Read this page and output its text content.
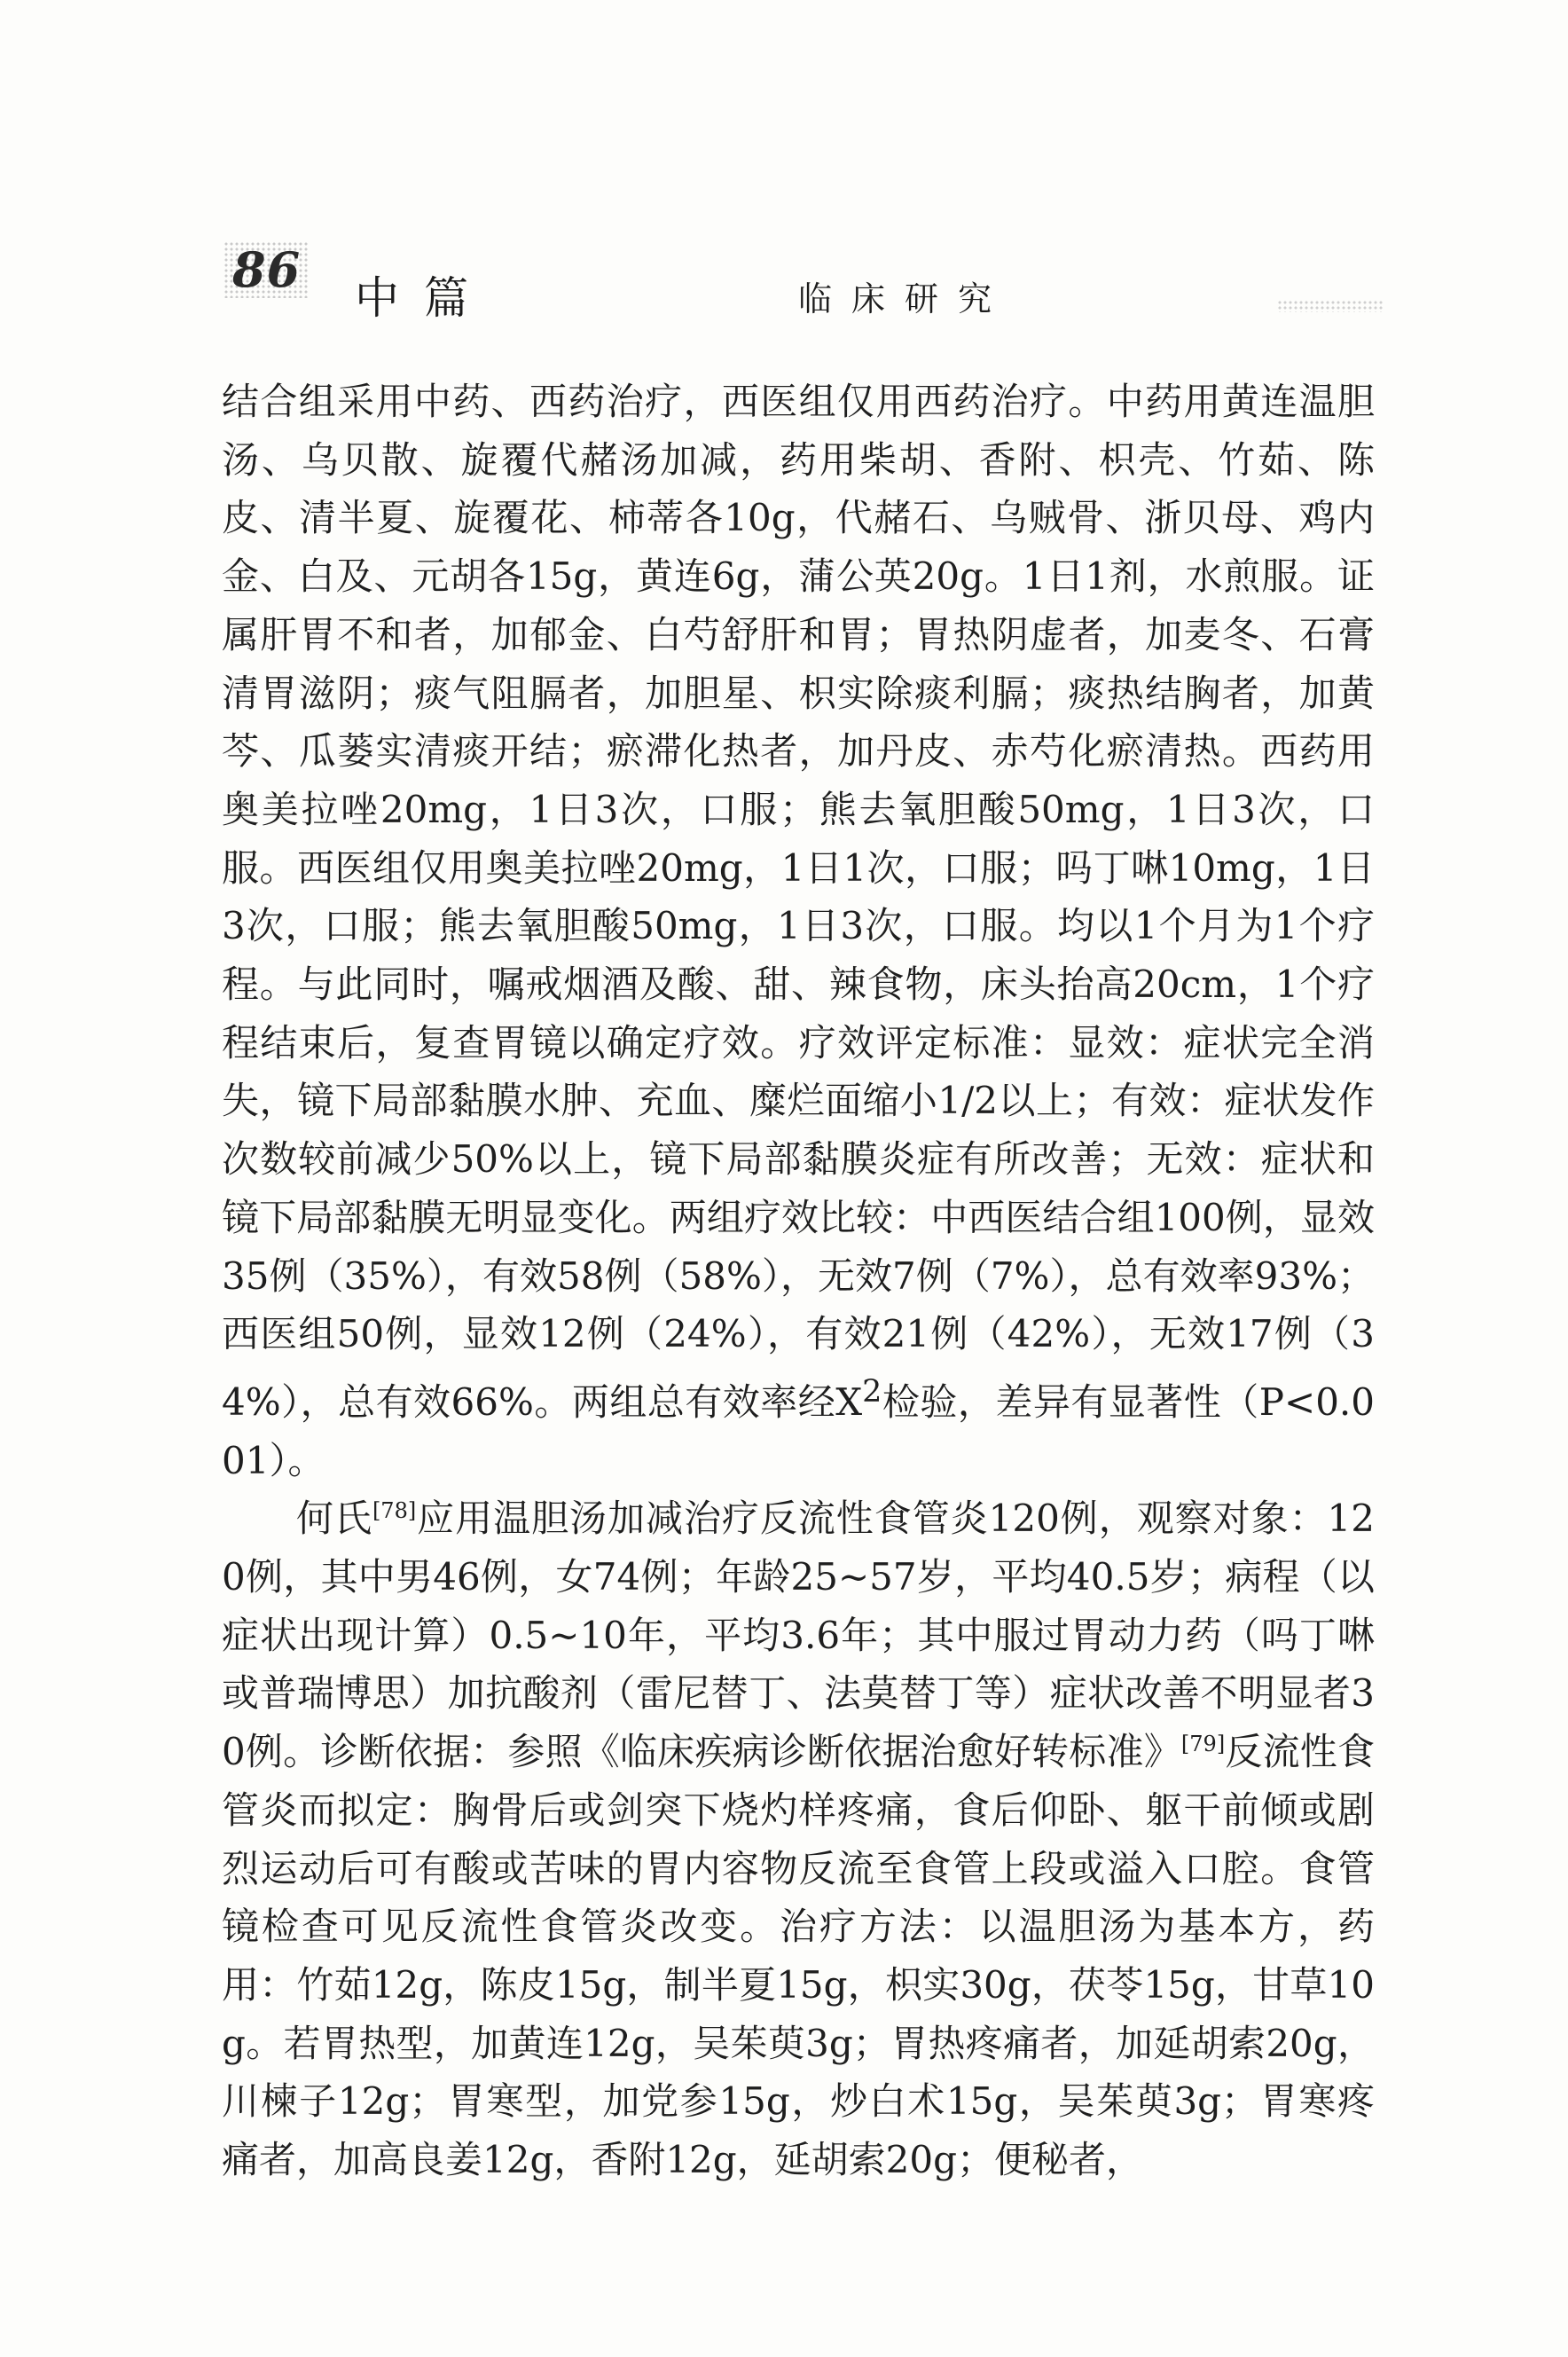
86 中篇	临床研究

结合组采用中药、西药治疗，西医组仅用西药治疗。中药用黄连温胆汤、乌贝散、旋覆代赭汤加减，药用柴胡、香附、枳壳、竹茹、陈皮、清半夏、旋覆花、柿蒂各10g，代赭石、乌贼骨、浙贝母、鸡内金、白及、元胡各15g，黄连6g，蒲公英20g。1日1剂，水煎服。证属肝胃不和者，加郁金、白芍舒肝和胃；胃热阴虚者，加麦冬、石膏清胃滋阴；痰气阻膈者，加胆星、枳实除痰利膈；痰热结胸者，加黄芩、瓜蒌实清痰开结；瘀滞化热者，加丹皮、赤芍化瘀清热。西药用奥美拉唑20mg，1日3次，口服；熊去氧胆酸50mg，1日3次，口服。西医组仅用奥美拉唑20mg，1日1次，口服；吗丁啉10mg，1日3次，口服；熊去氧胆酸50mg，1日3次，口服。均以1个月为1个疗程。与此同时，嘱戒烟酒及酸、甜、辣食物，床头抬高20cm，1个疗程结束后，复查胃镜以确定疗效。疗效评定标准：显效：症状完全消失，镜下局部黏膜水肿、充血、糜烂面缩小1/2以上；有效：症状发作次数较前减少50%以上，镜下局部黏膜炎症有所改善；无效：症状和镜下局部黏膜无明显变化。两组疗效比较：中西医结合组100例，显效35例（35%），有效58例（58%），无效7例（7%），总有效率93%；西医组50例，显效12例（24%），有效21例（42%），无效17例（34%），总有效66%。两组总有效率经$X^2$检验，差异有显著性（P<0.001）。

何氏[78]应用温胆汤加减治疗反流性食管炎120例，观察对象：120例，其中男46例，女74例；年龄25~57岁，平均40.5岁；病程（以症状出现计算）0.5~10年，平均3.6年；其中服过胃动力药（吗丁啉或普瑞博思）加抗酸剂（雷尼替丁、法莫替丁等）症状改善不明显者30例。诊断依据：参照《临床疾病诊断依据治愈好转标准》[79]反流性食管炎而拟定：胸骨后或剑突下烧灼样疼痛，食后仰卧、躯干前倾或剧烈运动后可有酸或苦味的胃内容物反流至食管上段或溢入口腔。食管镜检查可见反流性食管炎改变。治疗方法：以温胆汤为基本方，药用：竹茹12g，陈皮15g，制半夏15g，枳实30g，茯苓15g，甘草10g。若胃热型，加黄连12g，吴茱萸3g；胃热疼痛者，加延胡索20g，川楝子12g；胃寒型，加党参15g，炒白术15g，吴茱萸3g；胃寒疼痛者，加高良姜12g，香附12g，延胡索20g；便秘者，
